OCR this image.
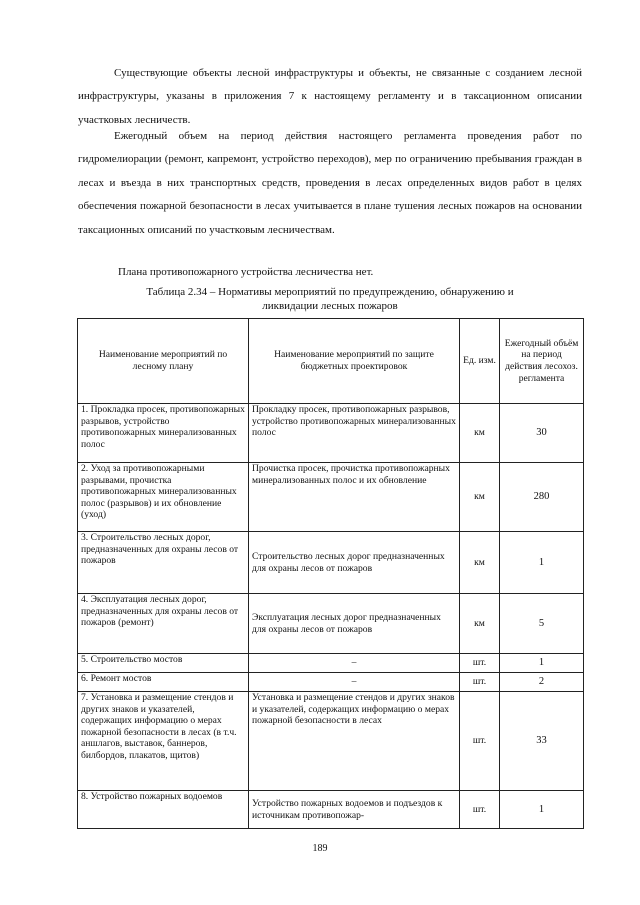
Существующие объекты лесной инфраструктуры и объекты, не связанные с созданием лесной инфраструктуры, указаны в приложения 7 к настоящему регламенту и в таксационном описании участковых лесничеств.

Ежегодный объем на период действия настоящего регламента проведения работ по гидромелиорации (ремонт, капремонт, устройство переходов), мер по ограничению пребывания граждан в лесах и въезда в них транспортных средств, проведения в лесах определенных видов работ в целях обеспечения пожарной безопасности в лесах учитывается в плане тушения лесных пожаров на основании таксационных описаний по участковым лесничествам.

Плана противопожарного устройства лесничества нет.

Таблица 2.34 – Нормативы мероприятий по предупреждению, обнаружению и
ликвидации лесных пожаров
Наименование мероприятий по лесному плану	Наименование мероприятий по защите бюджетных проектировок	Ед. изм.	Ежегодный объём на период действия лесохоз. регламента
1. Прокладка просек, противопожарных разрывов, устройство противопожарных минерализованных полос	Прокладку просек, противопожарных разрывов, устройство противопожарных минерализованных полос	км	30
2. Уход за противопожарными разрывами, прочистка противопожарных минерализованных полос (разрывов) и их обновление (уход)	Прочистка просек, прочистка противопожарных минерализованных полос и их обновление	км	280
3. Строительство лесных дорог, предназначенных для охраны лесов от пожаров	Строительство лесных дорог предназначенных для охраны лесов от пожаров	км	1
4. Эксплуатация лесных дорог, предназначенных для охраны лесов от пожаров (ремонт)	Эксплуатация лесных дорог предназначенных для охраны лесов от пожаров	км	5
5. Строительство мостов	–	шт.	1
6. Ремонт мостов	–	шт.	2
7. Установка и размещение стендов и других знаков и указателей, содержащих информацию о мерах пожарной безопасности в лесах (в т.ч. аншлагов, выставок, баннеров, билбордов, плакатов, щитов)	Установка и размещение стендов и других знаков и указателей, содержащих информацию о мерах пожарной безопасности в лесах	шт.	33
8. Устройство пожарных водоемов	Устройство пожарных водоемов и подъездов к источникам противопожар-	шт.	1
189
